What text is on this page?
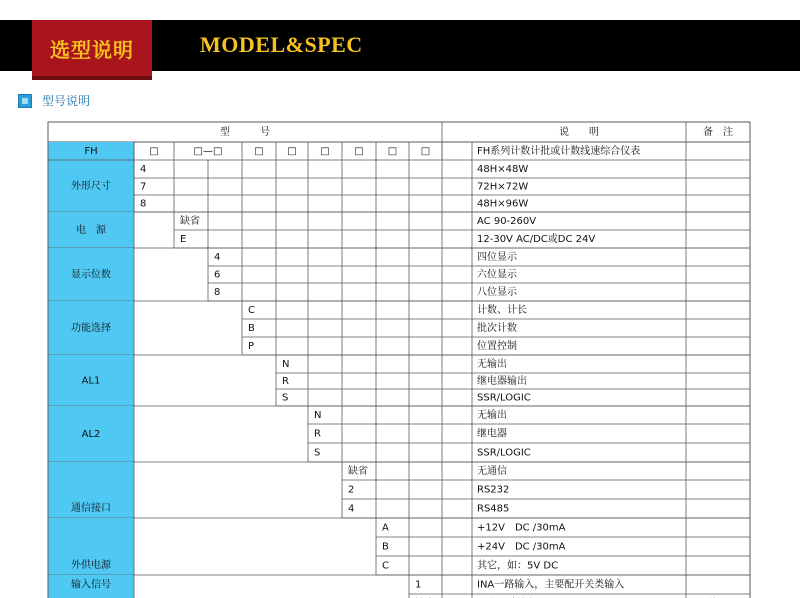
选型说明	MODEL&SPEC
型号说明
型　　　号	说　　明	备　注
FH	□	□—□	□ □ □ □ □ □	FH系列计数计批或计数线速综合仪表
外形尺寸
4	48H×48W
7	72H×72W
8	48H×96W
电　源
缺省	AC 90-260V
E	12-30V AC/DC或DC 24V
显示位数
4	四位显示
6	六位显示
8	八位显示
功能选择
C	计数、计长
B	批次计数
P	位置控制
AL1
N	无输出
R	继电器输出
S	SSR/LOGIC
AL2
N	无输出
R	继电器
S	SSR/LOGIC
通信接口
缺省	无通信
2	RS232
4	RS485
外供电源
A	+12V　DC /30mA
B	+24V　DC /30mA
C	其它，如：5V DC
输入信号	1	INA一路输入，主要配开关类输入
